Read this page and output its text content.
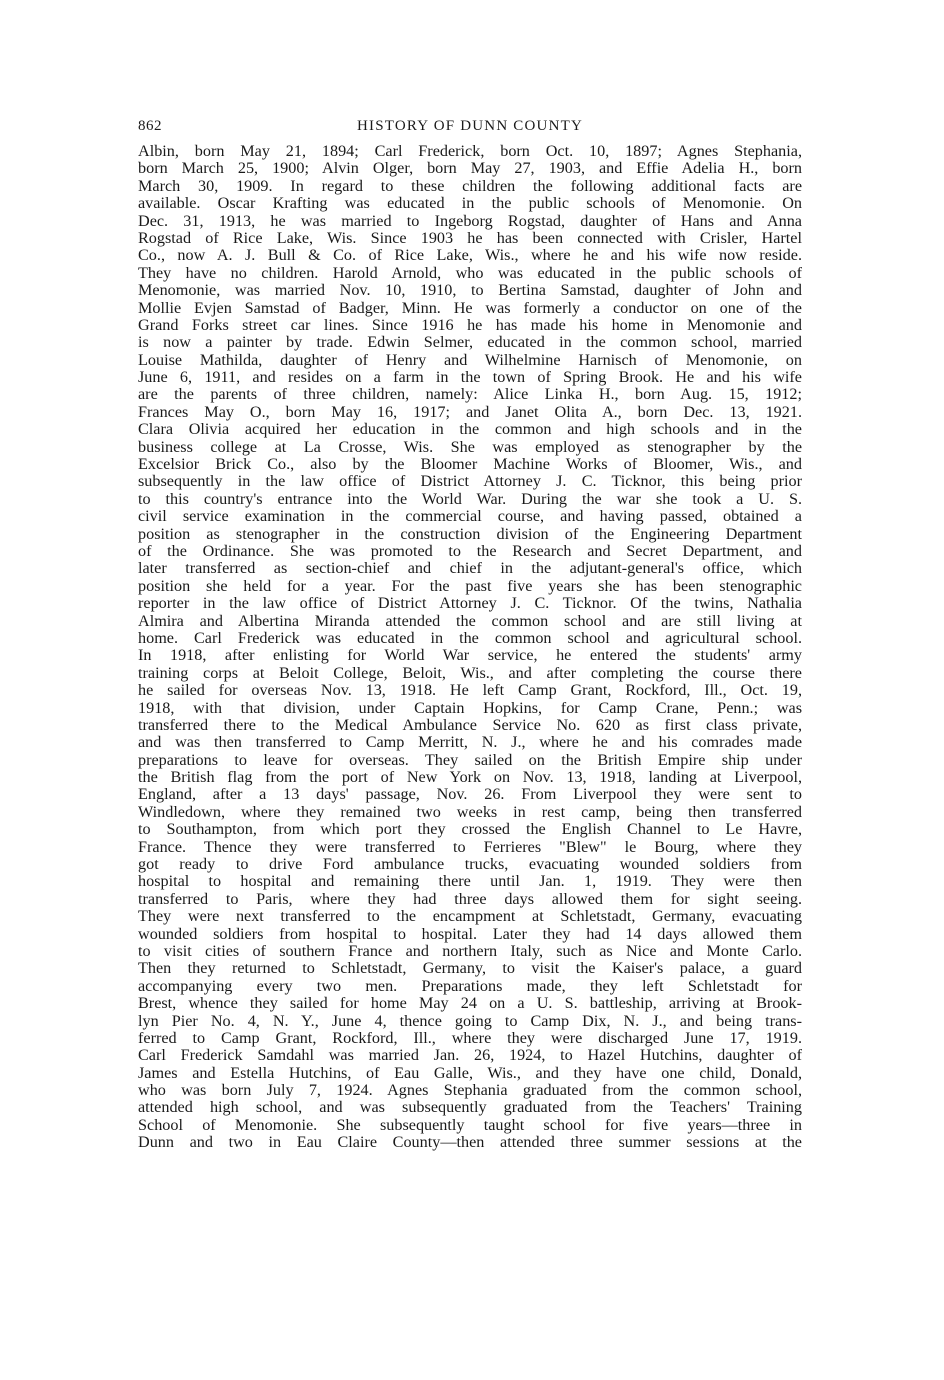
862	HISTORY OF DUNN COUNTY
Albin, born May 21, 1894; Carl Frederick, born Oct. 10, 1897; Agnes Stephania,
born March 25, 1900; Alvin Olger, born May 27, 1903, and Effie Adelia H., born
March 30, 1909. In regard to these children the following additional facts are
available. Oscar Krafting was educated in the public schools of Menomonie. On
Dec. 31, 1913, he was married to Ingeborg Rogstad, daughter of Hans and Anna
Rogstad of Rice Lake, Wis. Since 1903 he has been connected with Crisler, Hartel
Co., now A. J. Bull & Co. of Rice Lake, Wis., where he and his wife now reside.
They have no children. Harold Arnold, who was educated in the public schools of
Menomonie, was married Nov. 10, 1910, to Bertina Samstad, daughter of John and
Mollie Evjen Samstad of Badger, Minn. He was formerly a conductor on one of the
Grand Forks street car lines. Since 1916 he has made his home in Menomonie and
is now a painter by trade. Edwin Selmer, educated in the common school, married
Louise Mathilda, daughter of Henry and Wilhelmine Harnisch of Menomonie, on
June 6, 1911, and resides on a farm in the town of Spring Brook. He and his wife
are the parents of three children, namely: Alice Linka H., born Aug. 15, 1912;
Frances May O., born May 16, 1917; and Janet Olita A., born Dec. 13, 1921.
Clara Olivia acquired her education in the common and high schools and in the
business college at La Crosse, Wis. She was employed as stenographer by the
Excelsior Brick Co., also by the Bloomer Machine Works of Bloomer, Wis., and
subsequently in the law office of District Attorney J. C. Ticknor, this being prior
to this country's entrance into the World War. During the war she took a U. S.
civil service examination in the commercial course, and having passed, obtained a
position as stenographer in the construction division of the Engineering Department
of the Ordinance. She was promoted to the Research and Secret Department, and
later transferred as section-chief and chief in the adjutant-general's office, which
position she held for a year. For the past five years she has been stenographic
reporter in the law office of District Attorney J. C. Ticknor. Of the twins, Nathalia
Almira and Albertina Miranda attended the common school and are still living at
home. Carl Frederick was educated in the common school and agricultural school.
In 1918, after enlisting for World War service, he entered the students' army
training corps at Beloit College, Beloit, Wis., and after completing the course there
he sailed for overseas Nov. 13, 1918. He left Camp Grant, Rockford, Ill., Oct. 19,
1918, with that division, under Captain Hopkins, for Camp Crane, Penn.; was
transferred there to the Medical Ambulance Service No. 620 as first class private,
and was then transferred to Camp Merritt, N. J., where he and his comrades made
preparations to leave for overseas. They sailed on the British Empire ship under
the British flag from the port of New York on Nov. 13, 1918, landing at Liverpool,
England, after a 13 days' passage, Nov. 26. From Liverpool they were sent to
Windledown, where they remained two weeks in rest camp, being then transferred
to Southampton, from which port they crossed the English Channel to Le Havre,
France. Thence they were transferred to Ferrieres "Blew" le Bourg, where they
got ready to drive Ford ambulance trucks, evacuating wounded soldiers from
hospital to hospital and remaining there until Jan. 1, 1919. They were then
transferred to Paris, where they had three days allowed them for sight seeing.
They were next transferred to the encampment at Schletstadt, Germany, evacuating
wounded soldiers from hospital to hospital. Later they had 14 days allowed them
to visit cities of southern France and northern Italy, such as Nice and Monte Carlo.
Then they returned to Schletstadt, Germany, to visit the Kaiser's palace, a guard
accompanying every two men. Preparations made, they left Schletstadt for
Brest, whence they sailed for home May 24 on a U. S. battleship, arriving at Brook-
lyn Pier No. 4, N. Y., June 4, thence going to Camp Dix, N. J., and being trans-
ferred to Camp Grant, Rockford, Ill., where they were discharged June 17, 1919.
Carl Frederick Samdahl was married Jan. 26, 1924, to Hazel Hutchins, daughter of
James and Estella Hutchins, of Eau Galle, Wis., and they have one child, Donald,
who was born July 7, 1924. Agnes Stephania graduated from the common school,
attended high school, and was subsequently graduated from the Teachers' Training
School of Menomonie. She subsequently taught school for five years—three in
Dunn and two in Eau Claire County—then attended three summer sessions at the
